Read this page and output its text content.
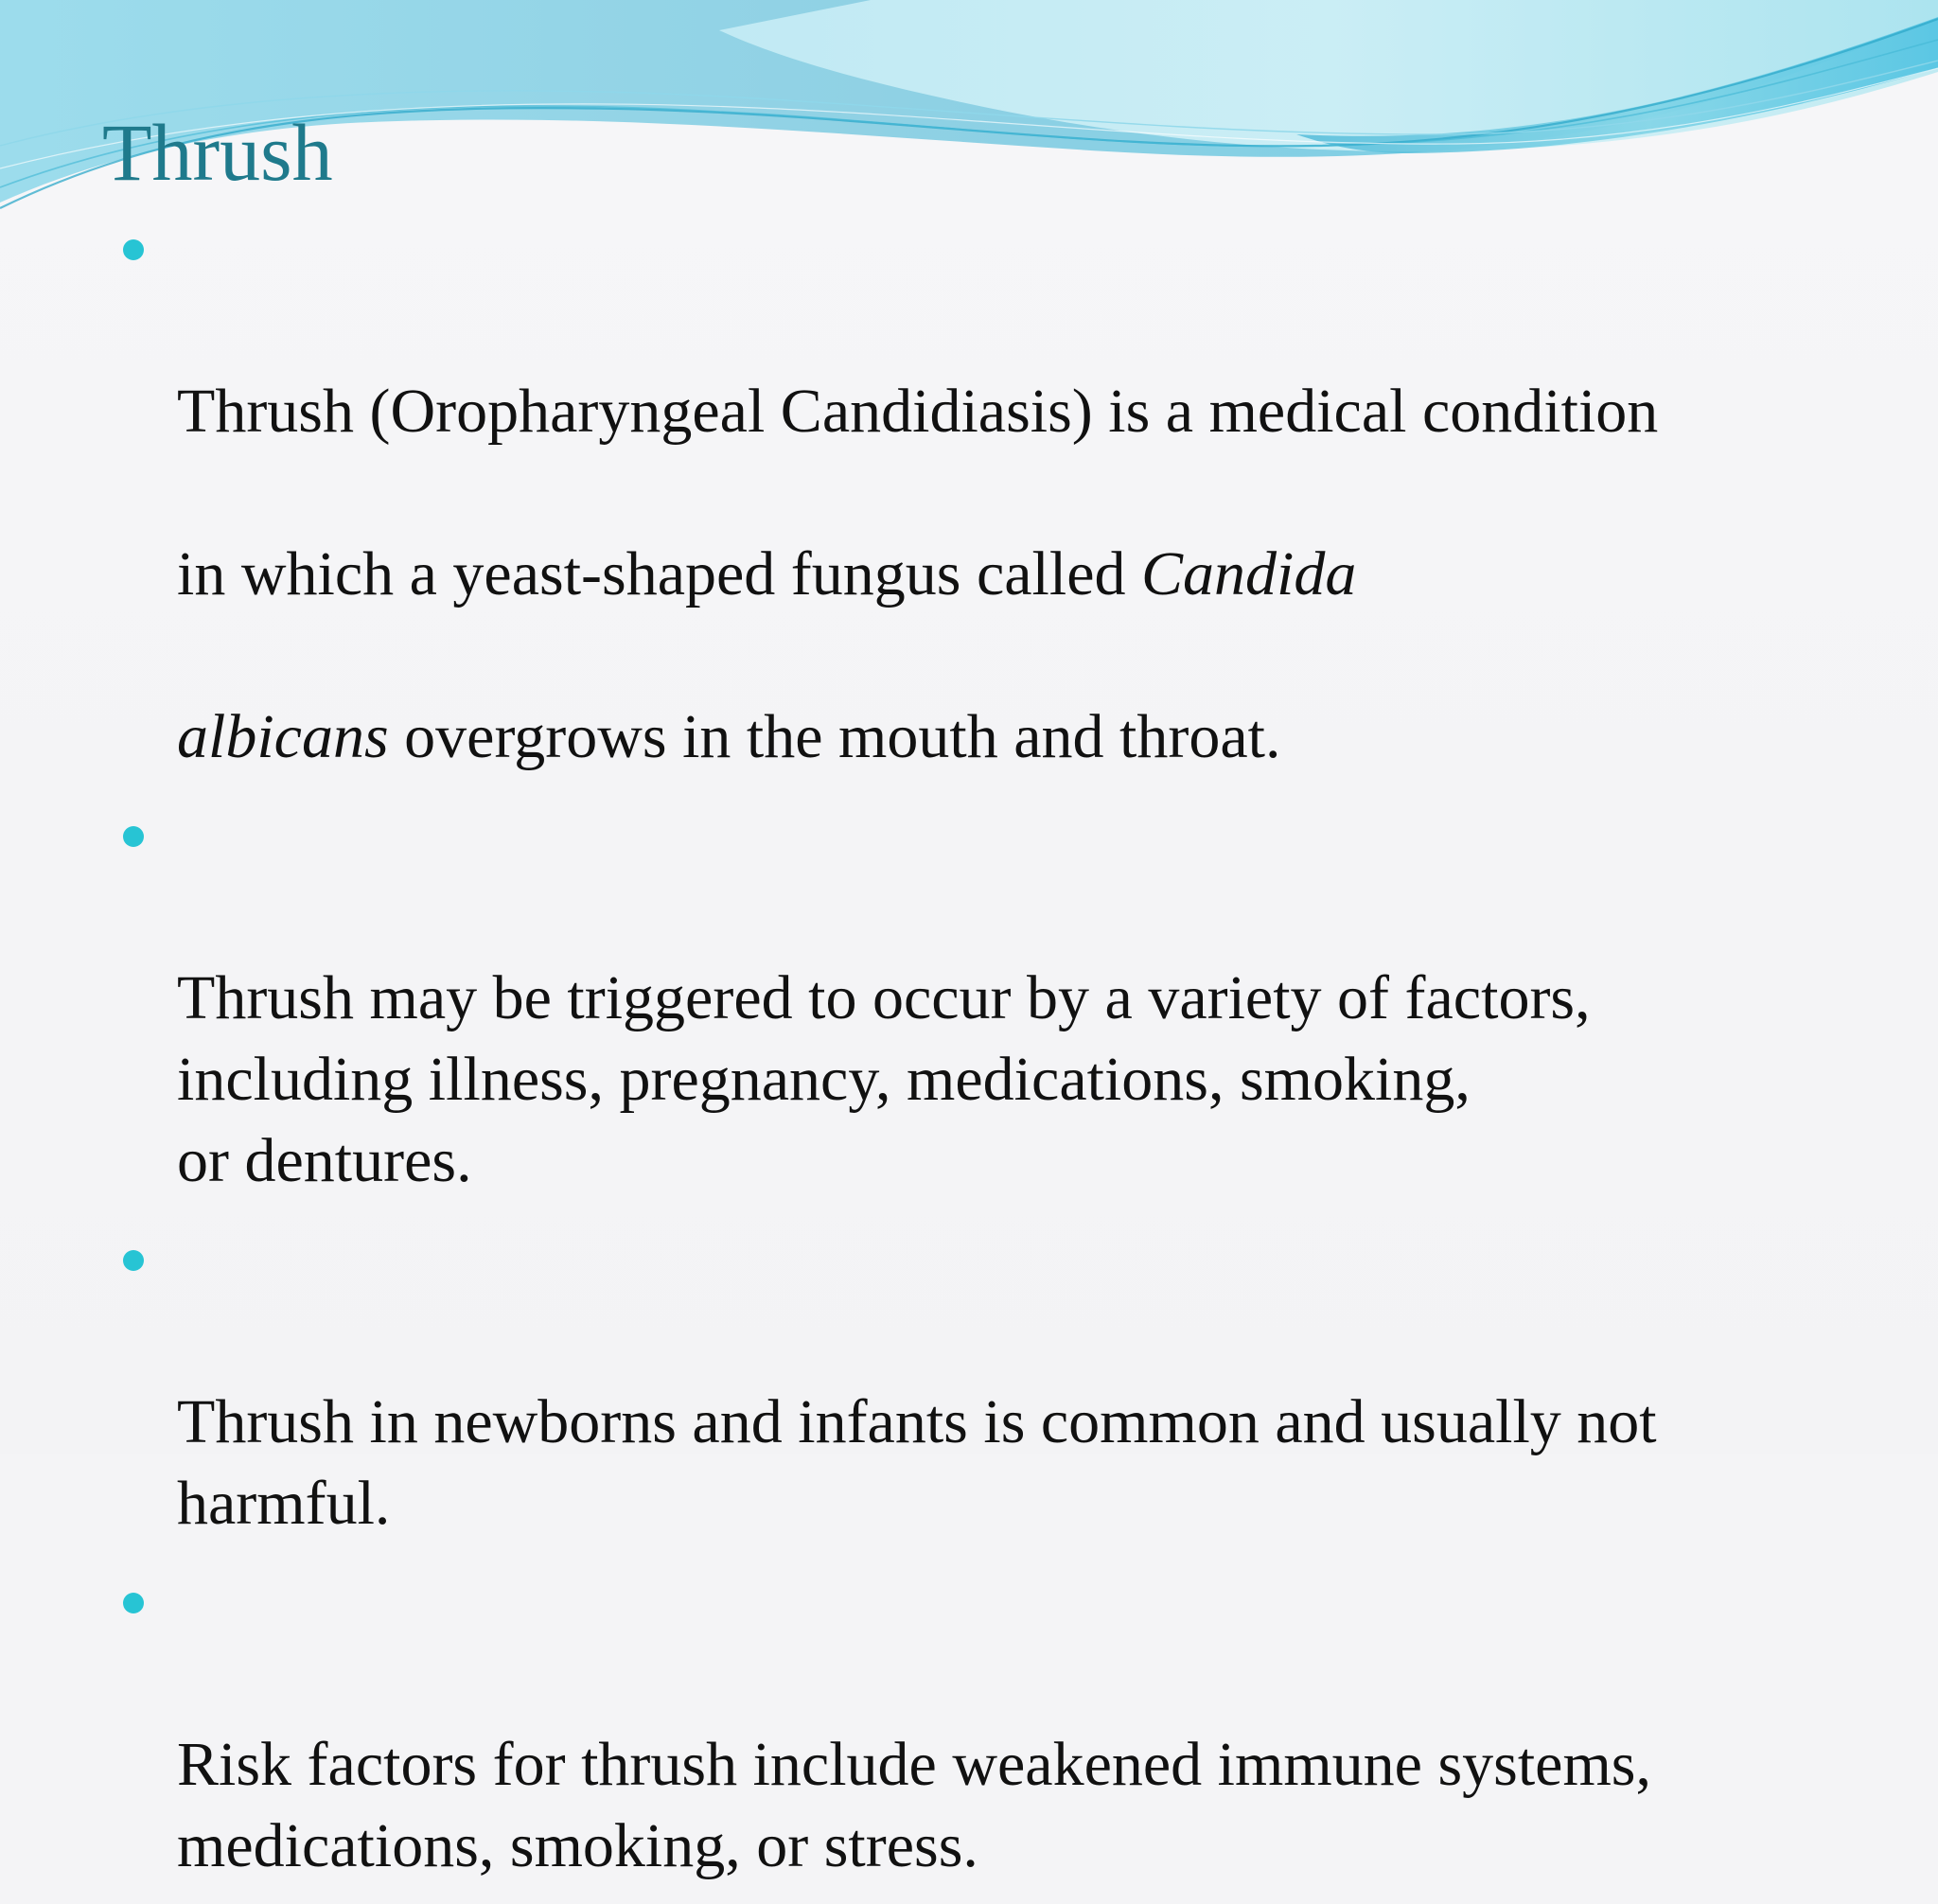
Thrush

Thrush (Oropharyngeal Candidiasis) is a medical condition

in which a yeast-shaped fungus called Candida

albicans overgrows in the mouth and throat.

Thrush may be triggered to occur by a variety of factors,
including illness, pregnancy, medications, smoking,
or dentures.

Thrush in newborns and infants is common and usually not
harmful.

Risk factors for thrush include weakened immune systems,
medications, smoking, or stress.
